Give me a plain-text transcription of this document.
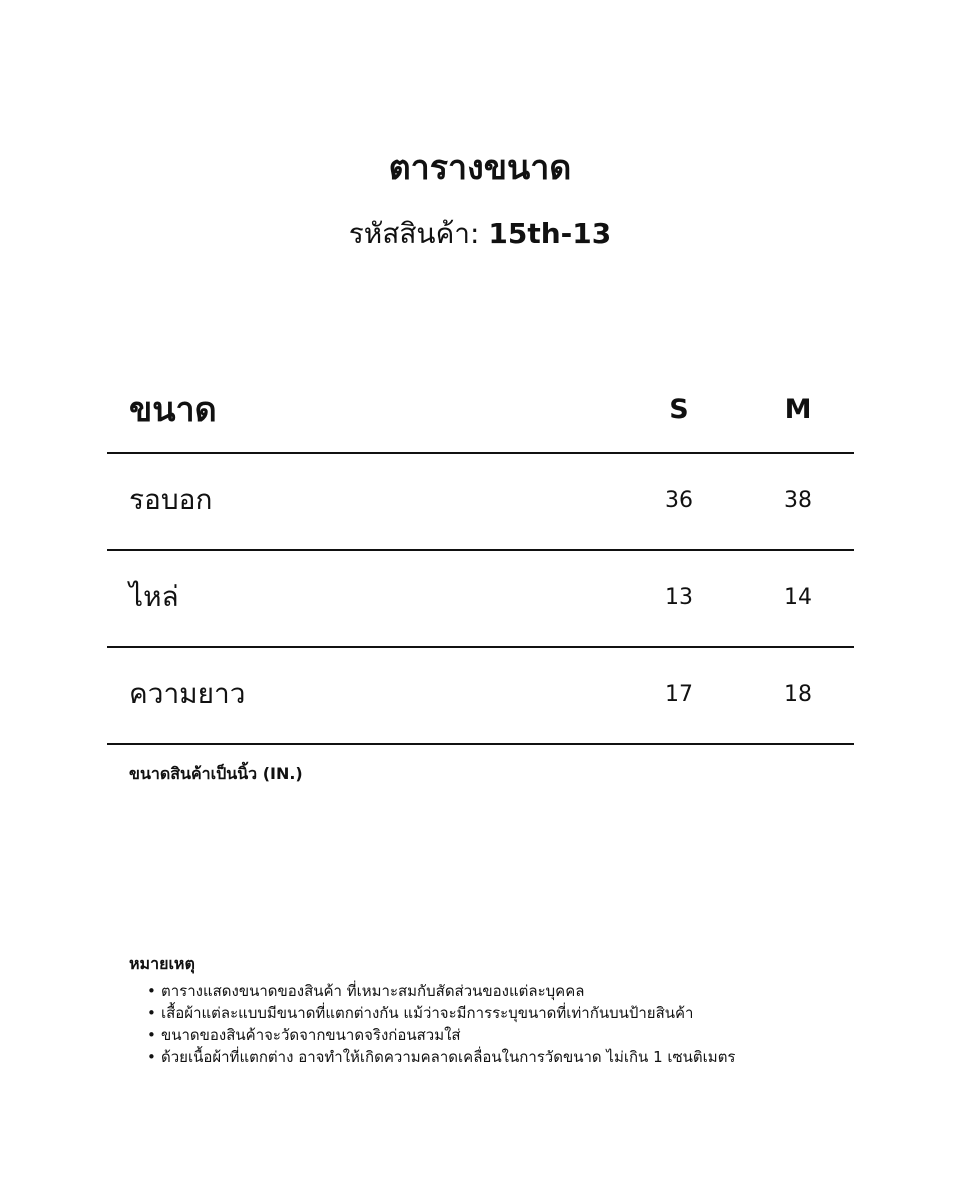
ตารางขนาด
รหัสสินค้า: 15th-13
ขนาด	S	M
รอบอก	36	38
ไหล่	13	14
ความยาว	17	18
ขนาดสินค้าเป็นนิ้ว (IN.)

หมายเหตุ

• ตารางแสดงขนาดของสินค้า ที่เหมาะสมกับสัดส่วนของแต่ละบุคคล
• เสื้อผ้าแต่ละแบบมีขนาดที่แตกต่างกัน แม้ว่าจะมีการระบุขนาดที่เท่ากันบนป้ายสินค้า
• ขนาดของสินค้าจะวัดจากขนาดจริงก่อนสวมใส่
• ด้วยเนื้อผ้าที่แตกต่าง อาจทำให้เกิดความคลาดเคลื่อนในการวัดขนาด ไม่เกิน 1 เซนติเมตร
